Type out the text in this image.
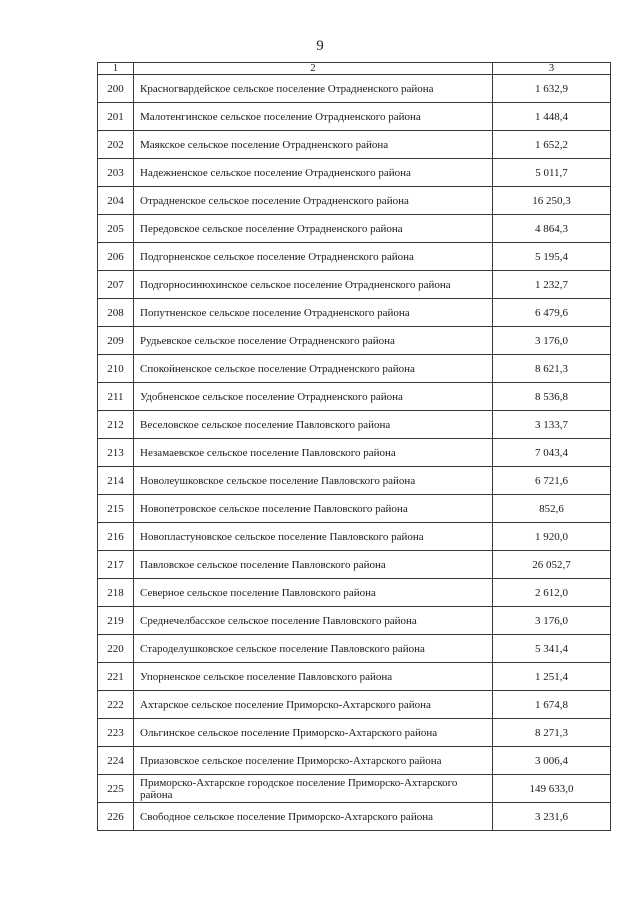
9
1	2	3
200	Красногвардейское сельское поселение Отрадненского района	1 632,9
201	Малотенгинское сельское поселение Отрадненского района	1 448,4
202	Маякское сельское поселение Отрадненского района	1 652,2
203	Надежненское сельское поселение Отрадненского района	5 011,7
204	Отрадненское сельское поселение Отрадненского района	16 250,3
205	Передовское сельское поселение Отрадненского района	4 864,3
206	Подгорненское сельское поселение Отрадненского района	5 195,4
207	Подгорносинюхинское сельское поселение Отрадненского района	1 232,7
208	Попутненское сельское поселение Отрадненского района	6 479,6
209	Рудьевское сельское поселение Отрадненского района	3 176,0
210	Спокойненское сельское поселение Отрадненского района	8 621,3
211	Удобненское сельское поселение Отрадненского района	8 536,8
212	Веселовское сельское поселение Павловского района	3 133,7
213	Незамаевское сельское поселение Павловского района	7 043,4
214	Новолеушковское сельское поселение Павловского района	6 721,6
215	Новопетровское сельское поселение Павловского района	852,6
216	Новопластуновское сельское поселение Павловского района	1 920,0
217	Павловское сельское поселение Павловского района	26 052,7
218	Северное сельское поселение Павловского района	2 612,0
219	Среднечелбасское сельское поселение Павловского района	3 176,0
220	Староделушковское сельское поселение Павловского района	5 341,4
221	Упорненское сельское поселение Павловского района	1 251,4
222	Ахтарское сельское поселение Приморско-Ахтарского района	1 674,8
223	Ольгинское сельское поселение Приморско-Ахтарского района	8 271,3
224	Приазовское сельское поселение Приморско-Ахтарского района	3 006,4
225	Приморско-Ахтарское городское поселение Приморско-Ахтарского района	149 633,0
226	Свободное сельское поселение Приморско-Ахтарского района	3 231,6
